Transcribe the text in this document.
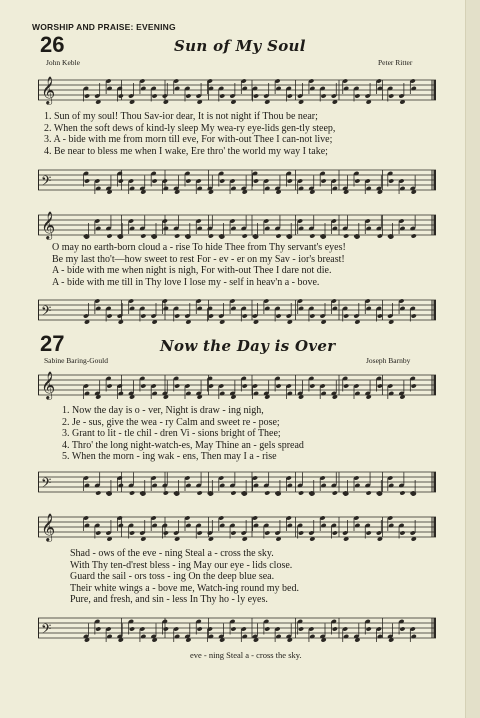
WORSHIP AND PRAISE: EVENING
26	Sun of My Soul
John Keble	Peter Ritter
𝄞
1. Sun of my soul! Thou Sav-ior dear, It is not night if Thou be near;
2. When the soft dews of kind-ly sleep My wea-ry eye-lids gen-tly steep,
3. A - bide with me from morn till eve, For with-out Thee I can-not live;
4. Be near to bless me when I wake, Ere thro' the world my way I take;
𝄢
𝄞
O may no earth-born cloud a - rise To hide Thee from Thy servant's eyes!
Be my last tho't—how sweet to rest For - ev - er on my Sav - ior's breast!
A - bide with me when night is nigh, For with-out Thee I dare not die.
A - bide with me till in Thy love I lose my - self in heav'n a - bove.
𝄢
27	Now the Day is Over
Sabine Baring-Gould	Joseph Barnby
𝄞
1. Now the day is o - ver, Night is draw - ing nigh,
2. Je - sus, give the wea - ry Calm and sweet re - pose;
3. Grant to lit - tle chil - dren Vi - sions bright of Thee;
4. Thro' the long night-watch-es, May Thine an - gels spread
5. When the morn - ing wak - ens, Then may I a - rise
𝄢
𝄞
Shad - ows of the eve - ning Steal a - cross the sky.
With Thy ten-d'rest bless - ing May our eye - lids close.
Guard the sail - ors toss - ing On the deep blue sea.
Their white wings a - bove me, Watch-ing round my bed.
Pure, and fresh, and sin - less In Thy ho - ly eyes.
𝄢
eve - ning Steal a - cross the sky.
